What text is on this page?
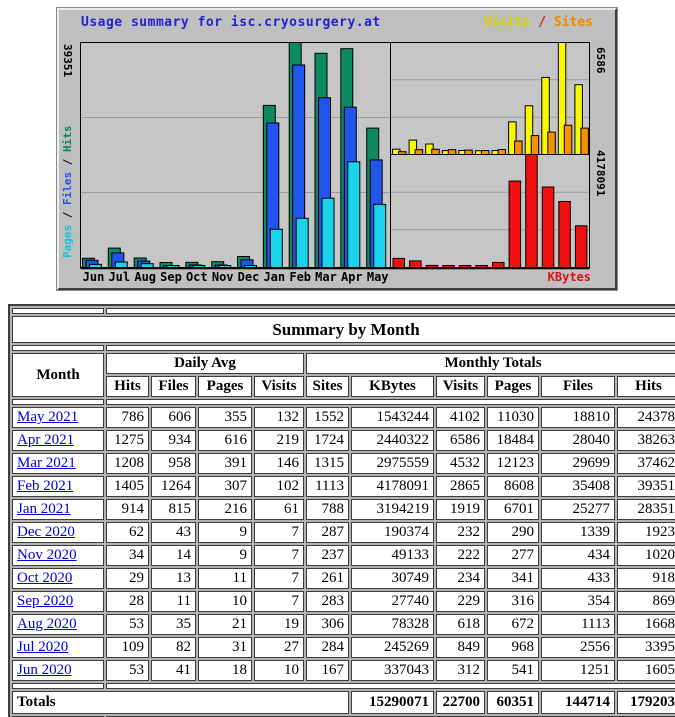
Usage summary for isc.cryosurgery.at	Visits / Sites
39351
Pages / Files / Hits
6586
4178091
Jun Jul Aug Sep Oct Nov Dec Jan Feb Mar Apr May	KBytes

Summary by Month										

Month	Daily Avg				Monthly Totals					
	Hits	Files	Pages	Visits	Sites	KBytes	Visits	Pages	Files	Hits

May 2021	786	606	355	132	1552	1543244	4102	11030	18810	24378
Apr 2021	1275	934	616	219	1724	2440322	6586	18484	28040	38263
Mar 2021	1208	958	391	146	1315	2975559	4532	12123	29699	37462
Feb 2021	1405	1264	307	102	1113	4178091	2865	8608	35408	39351
Jan 2021	914	815	216	61	788	3194219	1919	6701	25277	28351
Dec 2020	62	43	9	7	287	190374	232	290	1339	1923
Nov 2020	34	14	9	7	237	49133	222	277	434	1020
Oct 2020	29	13	11	7	261	30749	234	341	433	918
Sep 2020	28	11	10	7	283	27740	229	316	354	869
Aug 2020	53	35	21	19	306	78328	618	672	1113	1668
Jul 2020	109	82	31	27	284	245269	849	968	2556	3395
Jun 2020	53	41	18	10	167	337043	312	541	1251	1605

Totals						15290071	22700	60351	144714	179203
